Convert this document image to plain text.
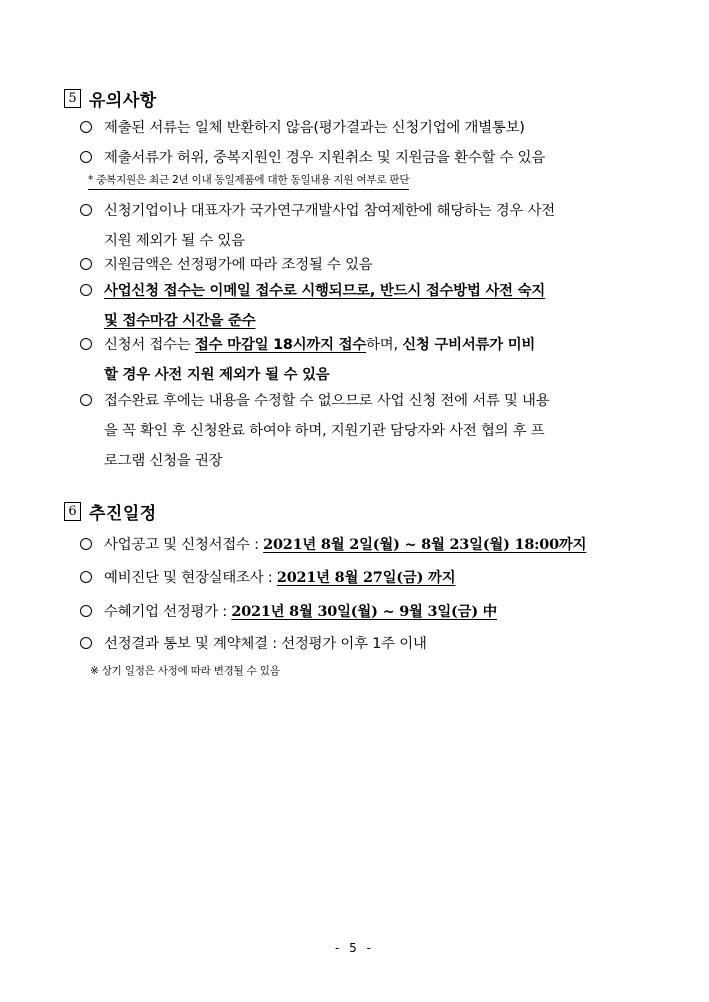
5 유의사항
제출된 서류는 일체 반환하지 않음(평가결과는 신청기업에 개별통보)
제출서류가 허위, 중복지원인 경우 지원취소 및 지원금을 환수할 수 있음
* 중복지원은 최근 2년 이내 동일제품에 대한 동일내용 지원 여부로 판단
신청기업이나 대표자가 국가연구개발사업 참여제한에 해당하는 경우 사전
지원 제외가 될 수 있음
지원금액은 선정평가에 따라 조정될 수 있음
사업신청 접수는 이메일 접수로 시행되므로, 반드시 접수방법 사전 숙지
및 접수마감 시간을 준수
신청서 접수는 접수 마감일 18시까지 접수하며, 신청 구비서류가 미비
할 경우 사전 지원 제외가 될 수 있음
접수완료 후에는 내용을 수정할 수 없으므로 사업 신청 전에 서류 및 내용
을 꼭 확인 후 신청완료 하여야 하며, 지원기관 담당자와 사전 협의 후 프
로그램 신청을 권장
6 추진일정
사업공고 및 신청서접수 : 2021년 8월 2일(월) ~ 8월 23일(월) 18:00까지
예비진단 및 현장실태조사 : 2021년 8월 27일(금) 까지
수혜기업 선정평가 : 2021년 8월 30일(월) ~ 9월 3일(금) 中
선정결과 통보 및 계약체결 : 선정평가 이후 1주 이내
※ 상기 일정은 사정에 따라 변경될 수 있음
- 5 -
